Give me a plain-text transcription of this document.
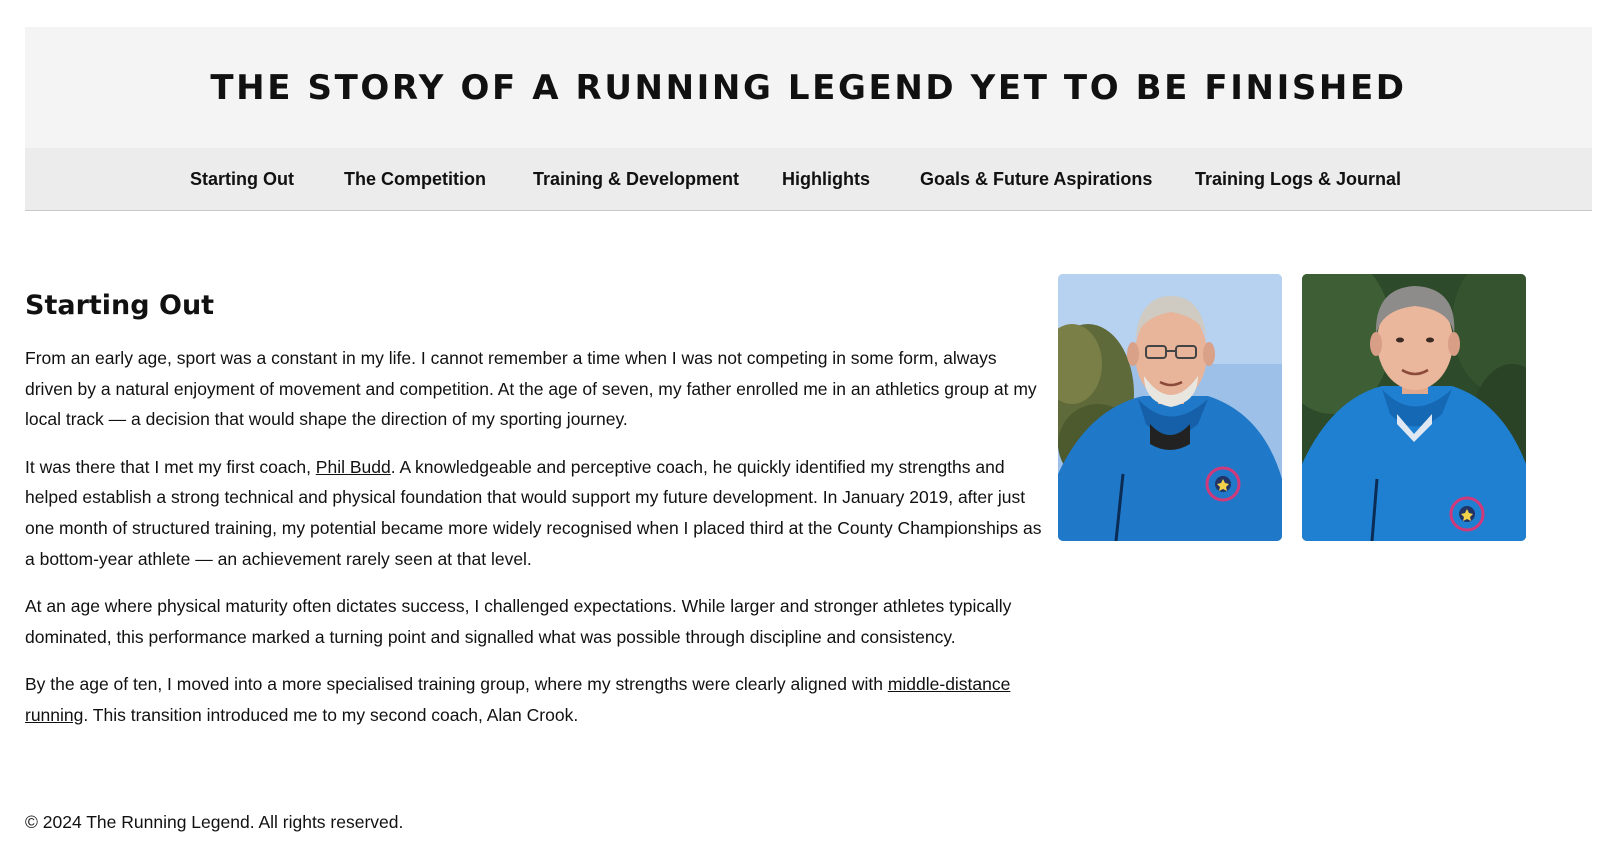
THE STORY OF A RUNNING LEGEND YET TO BE FINISHED
Starting Out	The Competition	Training & Development Highlights	Goals & Future Aspirations Training Logs & Journal
Starting Out

From an early age, sport was a constant in my life. I cannot remember a time when I was not competing in some form, always driven by a natural enjoyment of movement and competition. At the age of seven, my father enrolled me in an athletics group at my local track — a decision that would shape the direction of my sporting journey.

It was there that I met my first coach, Phil Budd. A knowledgeable and perceptive coach, he quickly identified my strengths and helped establish a strong technical and physical foundation that would support my future development. In January 2019, after just one month of structured training, my potential became more widely recognised when I placed third at the County Championships as a bottom-year athlete — an achievement rarely seen at that level.

At an age where physical maturity often dictates success, I challenged expectations. While larger and stronger athletes typically dominated, this performance marked a turning point and signalled what was possible through discipline and consistency.

By the age of ten, I moved into a more specialised training group, where my strengths were clearly aligned with middle-distance running. This transition introduced me to my second coach, Alan Crook.

© 2024 The Running Legend. All rights reserved.
